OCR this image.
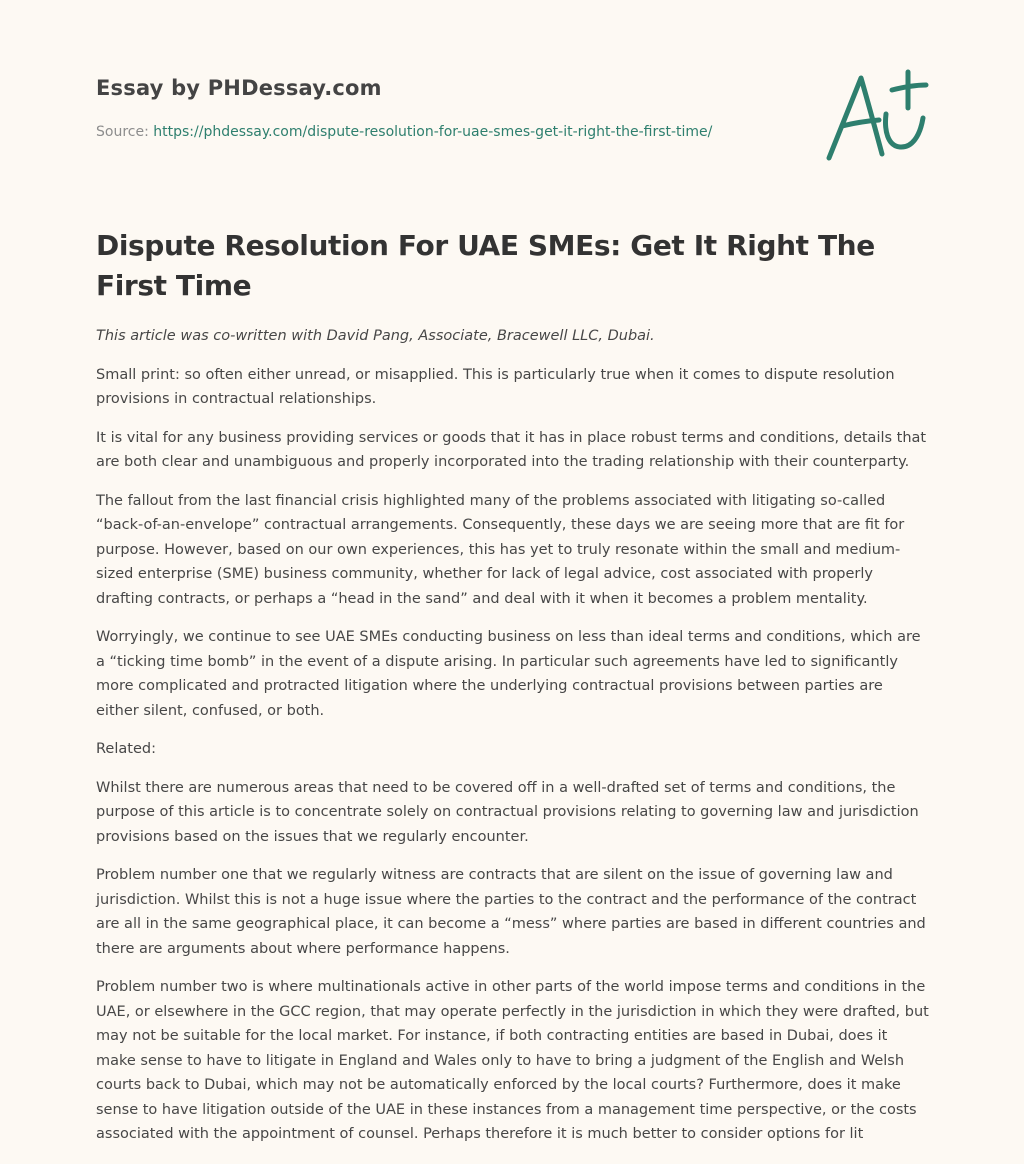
Essay by PHDessay.com
Source: https://phdessay.com/dispute-resolution-for-uae-smes-get-it-right-the-first-time/
Dispute Resolution For UAE SMEs: Get It Right The First Time

This article was co-written with David Pang, Associate, Bracewell LLC, Dubai.

Small print: so often either unread, or misapplied. This is particularly true when it comes to dispute resolution provisions in contractual relationships.

It is vital for any business providing services or goods that it has in place robust terms and conditions, details that are both clear and unambiguous and properly incorporated into the trading relationship with their counterparty.

The fallout from the last financial crisis highlighted many of the problems associated with litigating so-called “back-of-an-envelope” contractual arrangements. Consequently, these days we are seeing more that are fit for purpose. However, based on our own experiences, this has yet to truly resonate within the small and medium-sized enterprise (SME) business community, whether for lack of legal advice, cost associated with properly drafting contracts, or perhaps a “head in the sand” and deal with it when it becomes a problem mentality.

Worryingly, we continue to see UAE SMEs conducting business on less than ideal terms and conditions, which are a “ticking time bomb” in the event of a dispute arising. In particular such agreements have led to significantly more complicated and protracted litigation where the underlying contractual provisions between parties are either silent, confused, or both.

Related:

Whilst there are numerous areas that need to be covered off in a well-drafted set of terms and conditions, the purpose of this article is to concentrate solely on contractual provisions relating to governing law and jurisdiction provisions based on the issues that we regularly encounter.

Problem number one that we regularly witness are contracts that are silent on the issue of governing law and jurisdiction. Whilst this is not a huge issue where the parties to the contract and the performance of the contract are all in the same geographical place, it can become a “mess” where parties are based in different countries and there are arguments about where performance happens.

Problem number two is where multinationals active in other parts of the world impose terms and conditions in the UAE, or elsewhere in the GCC region, that may operate perfectly in the jurisdiction in which they were drafted, but may not be suitable for the local market. For instance, if both contracting entities are based in Dubai, does it make sense to have to litigate in England and Wales only to have to bring a judgment of the English and Welsh courts back to Dubai, which may not be automatically enforced by the local courts? Furthermore, does it make sense to have litigation outside of the UAE in these instances from a management time perspective, or the costs associated with the appointment of counsel. Perhaps therefore it is much better to consider options for lit
